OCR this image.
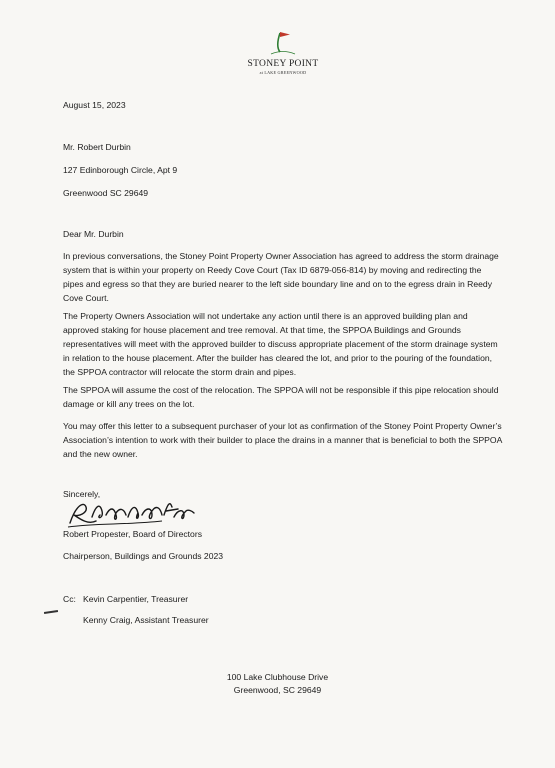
STONEY POINT
at LAKE GREENWOOD
August 15, 2023
Mr. Robert Durbin
127 Edinborough Circle, Apt 9
Greenwood SC 29649
Dear Mr. Durbin
In previous conversations, the Stoney Point Property Owner Association has agreed to address the storm drainage system that is within your property on Reedy Cove Court (Tax ID 6879-056-814) by moving and redirecting the pipes and egress so that they are buried nearer to the left side boundary line and on to the egress drain in Reedy Cove Court.
The Property Owners Association will not undertake any action until there is an approved building plan and approved staking for house placement and tree removal. At that time, the SPPOA Buildings and Grounds representatives will meet with the approved builder to discuss appropriate placement of the storm drainage system in relation to the house placement. After the builder has cleared the lot, and prior to the pouring of the foundation, the SPPOA contractor will relocate the storm drain and pipes.
The SPPOA will assume the cost of the relocation. The SPPOA will not be responsible if this pipe relocation should damage or kill any trees on the lot.
You may offer this letter to a subsequent purchaser of your lot as confirmation of the Stoney Point Property Owner’s Association’s intention to work with their builder to place the drains in a manner that is beneficial to both the SPPOA and the new owner.
Sincerely,
Robert Propester, Board of Directors
Chairperson, Buildings and Grounds 2023
Cc: Kevin Carpentier, Treasurer
Kenny Craig, Assistant Treasurer
100 Lake Clubhouse Drive
Greenwood, SC 29649
